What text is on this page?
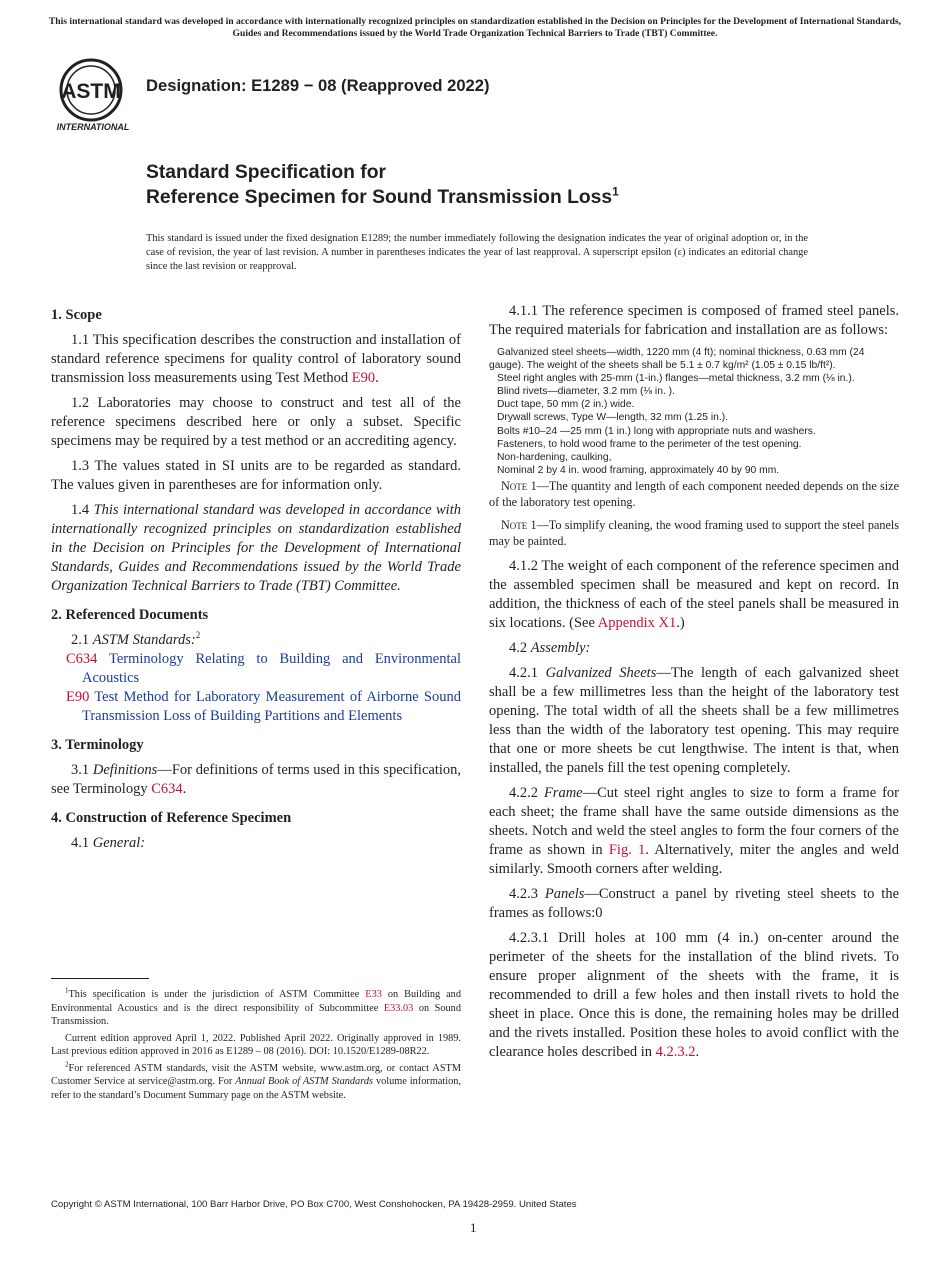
This international standard was developed in accordance with internationally recognized principles on standardization established in the Decision on Principles for the Development of International Standards, Guides and Recommendations issued by the World Trade Organization Technical Barriers to Trade (TBT) Committee.
ASTM
INTERNATIONAL
Designation: E1289 − 08 (Reapproved 2022)
Standard Specification for
Reference Specimen for Sound Transmission Loss$^1$
This standard is issued under the fixed designation E1289; the number immediately following the designation indicates the year of original adoption or, in the case of revision, the year of last revision. A number in parentheses indicates the year of last reapproval. A superscript epsilon (ε) indicates an editorial change since the last revision or reapproval.
1. Scope

1.1 This specification describes the construction and installation of standard reference specimens for quality control of laboratory sound transmission loss measurements using Test Method E90.

1.2 Laboratories may choose to construct and test all of the reference specimens described here or only a subset. Specific specimens may be required by a test method or an accrediting agency.

1.3 The values stated in SI units are to be regarded as standard. The values given in parentheses are for information only.

1.4 This international standard was developed in accordance with internationally recognized principles on standardization established in the Decision on Principles for the Development of International Standards, Guides and Recommendations issued by the World Trade Organization Technical Barriers to Trade (TBT) Committee.

2. Referenced Documents

2.1 ASTM Standards:$^2$

C634 Terminology Relating to Building and Environmental Acoustics
E90 Test Method for Laboratory Measurement of Airborne Sound Transmission Loss of Building Partitions and Elements
3. Terminology

3.1 Definitions—For definitions of terms used in this specification, see Terminology C634.

4. Construction of Reference Specimen

4.1 General:

$^1$This specification is under the jurisdiction of ASTM Committee E33 on Building and Environmental Acoustics and is the direct responsibility of Subcommittee E33.03 on Sound Transmission.

Current edition approved April 1, 2022. Published April 2022. Originally approved in 1989. Last previous edition approved in 2016 as E1289 – 08 (2016). DOI: 10.1520/E1289-08R22.

$^2$For referenced ASTM standards, visit the ASTM website, www.astm.org, or contact ASTM Customer Service at service@astm.org. For Annual Book of ASTM Standards volume information, refer to the standard’s Document Summary page on the ASTM website.

4.1.1 The reference specimen is composed of framed steel panels. The required materials for fabrication and installation are as follows:

Galvanized steel sheets—width, 1220 mm (4 ft); nominal thickness, 0.63 mm (24 gauge). The weight of the sheets shall be 5.1 ± 0.7 kg/m² (1.05 ± 0.15 lb/ft²).
Steel right angles with 25-mm (1-in.) flanges—metal thickness, 3.2 mm (⅛ in.).
Blind rivets—diameter, 3.2 mm (⅛ in. ).
Duct tape, 50 mm (2 in.) wide.
Drywall screws, Type W—length, 32 mm (1.25 in.).
Bolts #10–24 —25 mm (1 in.) long with appropriate nuts and washers.
Fasteners, to hold wood frame to the perimeter of the test opening.
Non-hardening, caulking,
Nominal 2 by 4 in. wood framing, approximately 40 by 90 mm.

Note 1—The quantity and length of each component needed depends on the size of the laboratory test opening.

Note 1—To simplify cleaning, the wood framing used to support the steel panels may be painted.

4.1.2 The weight of each component of the reference specimen and the assembled specimen shall be measured and kept on record. In addition, the thickness of each of the steel panels shall be measured in six locations. (See Appendix X1.)

4.2 Assembly:

4.2.1 Galvanized Sheets—The length of each galvanized sheet shall be a few millimetres less than the height of the laboratory test opening. The total width of all the sheets shall be a few millimetres less than the width of the laboratory test opening. This may require that one or more sheets be cut lengthwise. The intent is that, when installed, the panels fill the test opening completely.

4.2.2 Frame—Cut steel right angles to size to form a frame for each sheet; the frame shall have the same outside dimensions as the sheets. Notch and weld the steel angles to form the four corners of the frame as shown in Fig. 1. Alternatively, miter the angles and weld similarly. Smooth corners after welding.

4.2.3 Panels—Construct a panel by riveting steel sheets to the frames as follows:0

4.2.3.1 Drill holes at 100 mm (4 in.) on-center around the perimeter of the sheets for the installation of the blind rivets. To ensure proper alignment of the sheets with the frame, it is recommended to drill a few holes and then install rivets to hold the sheet in place. Once this is done, the remaining holes may be drilled and the rivets installed. Position these holes to avoid conflict with the clearance holes described in 4.2.3.2.

Copyright © ASTM International, 100 Barr Harbor Drive, PO Box C700, West Conshohocken, PA 19428-2959. United States
1
